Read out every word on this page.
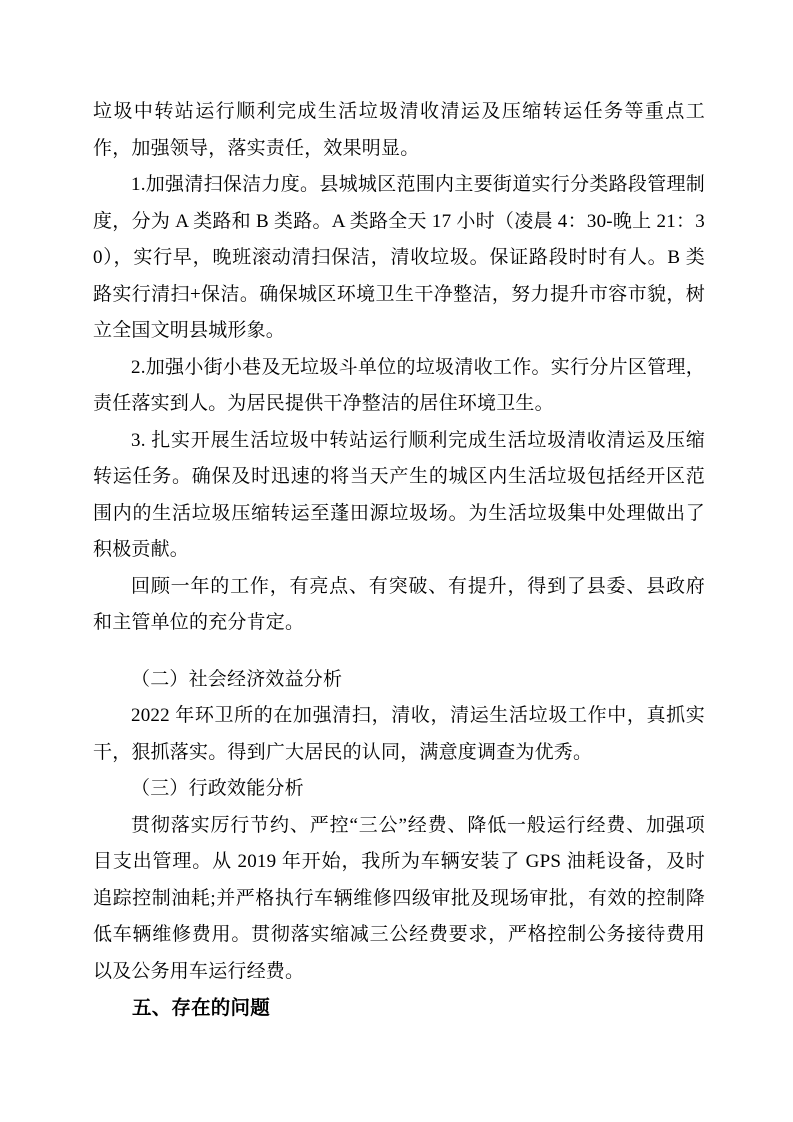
垃圾中转站运行顺利完成生活垃圾清收清运及压缩转运任务等重点工作，加强领导，落实责任，效果明显。

1.加强清扫保洁力度。县城城区范围内主要街道实行分类路段管理制度，分为 A 类路和 B 类路。A 类路全天 17 小时（凌晨 4：30-晚上 21：30），实行早，晚班滚动清扫保洁，清收垃圾。保证路段时时有人。B 类路实行清扫+保洁。确保城区环境卫生干净整洁，努力提升市容市貌，树立全国文明县城形象。

2.加强小街小巷及无垃圾斗单位的垃圾清收工作。实行分片区管理，责任落实到人。为居民提供干净整洁的居住环境卫生。

3. 扎实开展生活垃圾中转站运行顺利完成生活垃圾清收清运及压缩转运任务。确保及时迅速的将当天产生的城区内生活垃圾包括经开区范围内的生活垃圾压缩转运至蓬田源垃圾场。为生活垃圾集中处理做出了积极贡献。

回顾一年的工作，有亮点、有突破、有提升，得到了县委、县政府和主管单位的充分肯定。

（二）社会经济效益分析

2022 年环卫所的在加强清扫，清收，清运生活垃圾工作中，真抓实干，狠抓落实。得到广大居民的认同，满意度调查为优秀。

（三）行政效能分析

贯彻落实厉行节约、严控“三公”经费、降低一般运行经费、加强项目支出管理。从 2019 年开始，我所为车辆安装了 GPS 油耗设备，及时追踪控制油耗;并严格执行车辆维修四级审批及现场审批，有效的控制降低车辆维修费用。贯彻落实缩减三公经费要求，严格控制公务接待费用以及公务用车运行经费。

五、存在的问题
